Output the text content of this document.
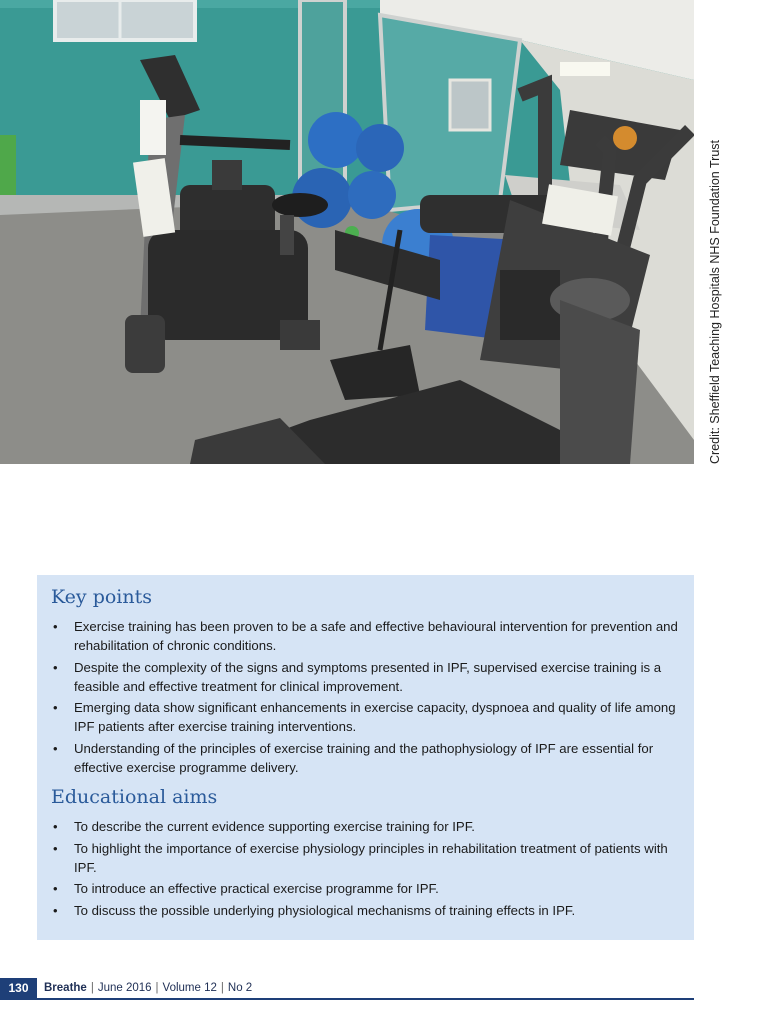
Credit: Sheffield Teaching Hospitals NHS Foundation Trust
Key points
• Exercise training has been proven to be a safe and effective behavioural intervention for prevention and rehabilitation of chronic conditions.
• Despite the complexity of the signs and symptoms presented in IPF, supervised exercise training is a feasible and effective treatment for clinical improvement.
• Emerging data show significant enhancements in exercise capacity, dyspnoea and quality of life among IPF patients after exercise training interventions.
• Understanding of the principles of exercise training and the pathophysiology of IPF are essential for effective exercise programme delivery.
Educational aims
• To describe the current evidence supporting exercise training for IPF.
• To highlight the importance of exercise physiology principles in rehabilitation treatment of patients with IPF.
• To introduce an effective practical exercise programme for IPF.
• To discuss the possible underlying physiological mechanisms of training effects in IPF.
130	Breathe | June 2016 | Volume 12 | No 2
